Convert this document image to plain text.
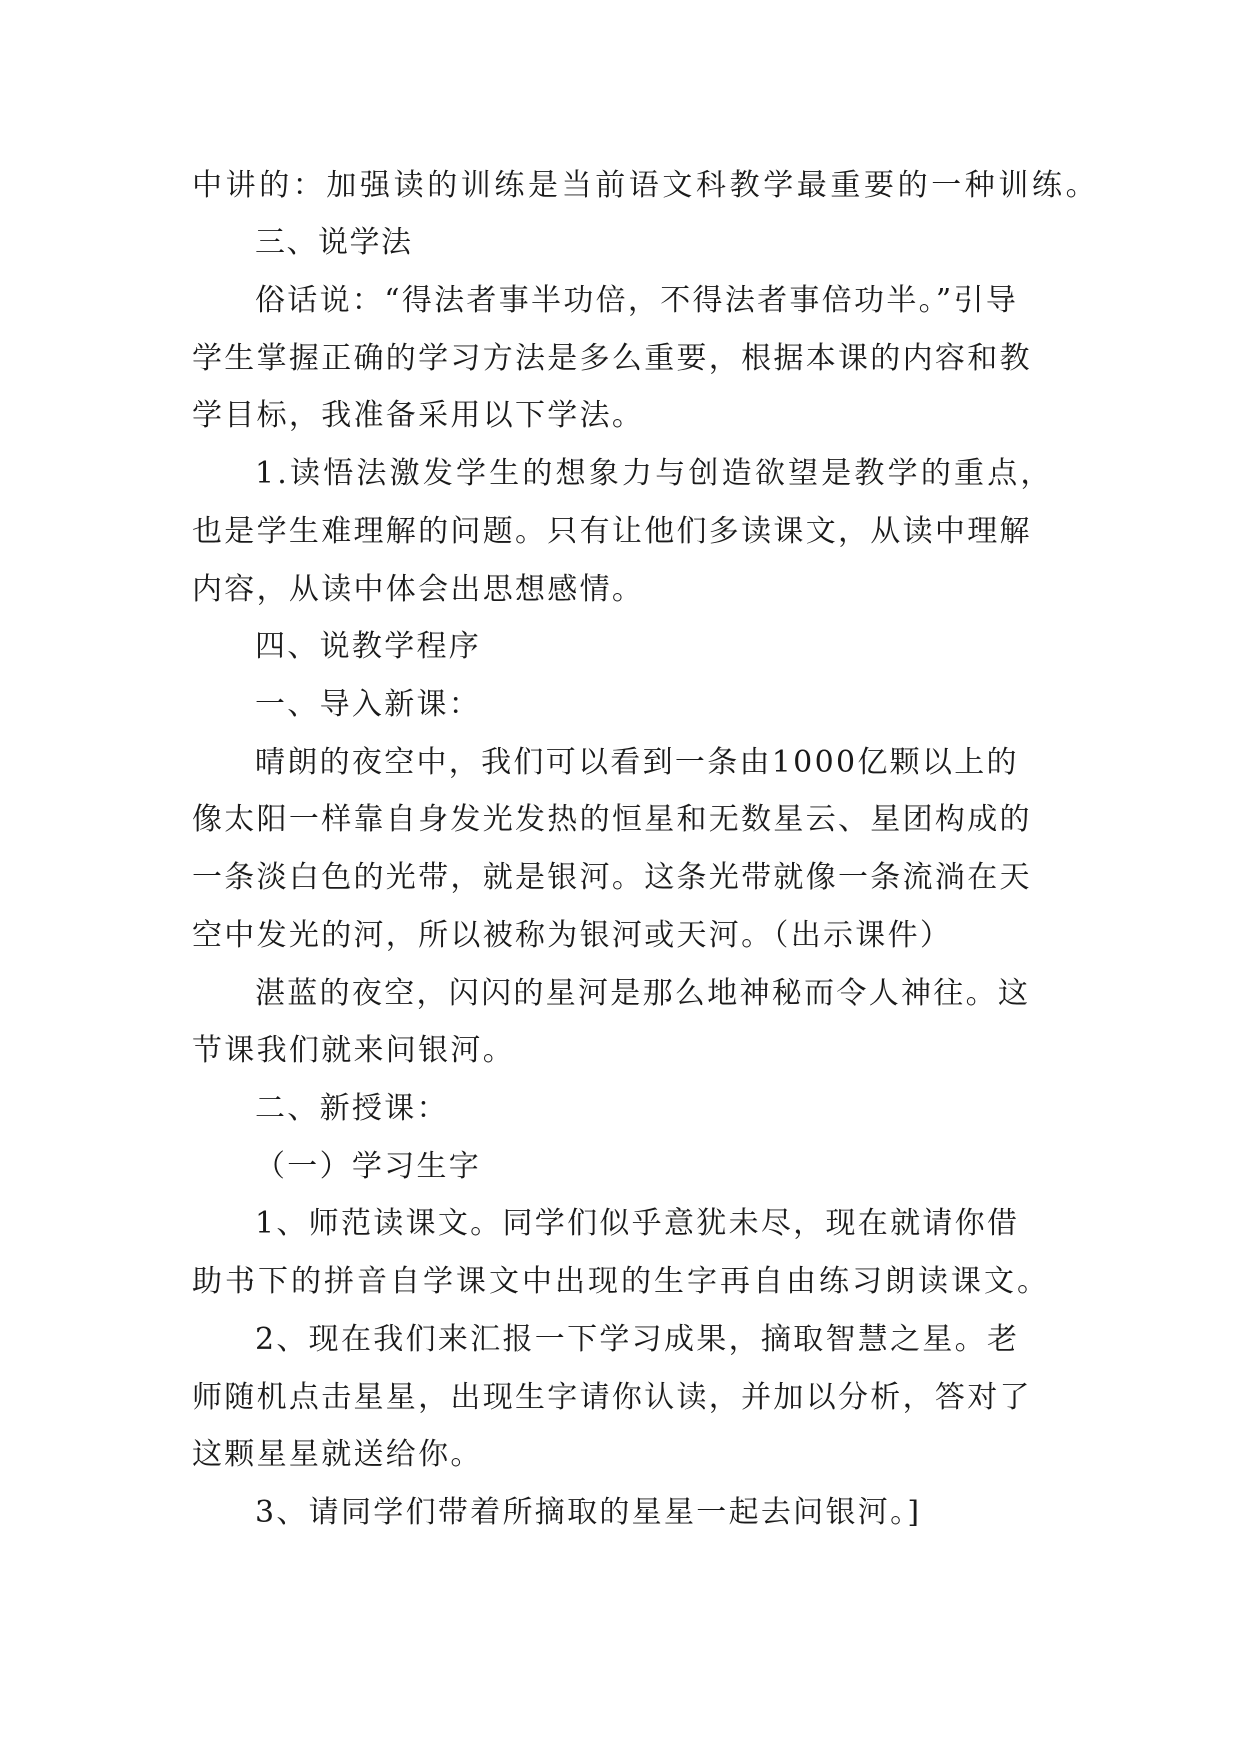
中讲的：加强读的训练是当前语文科教学最重要的一种训练。
三、说学法
俗话说：“得法者事半功倍，不得法者事倍功半。”引导
学生掌握正确的学习方法是多么重要，根据本课的内容和教
学目标，我准备采用以下学法。
1.读悟法激发学生的想象力与创造欲望是教学的重点，
也是学生难理解的问题。只有让他们多读课文，从读中理解
内容，从读中体会出思想感情。
四、说教学程序
一、导入新课：
晴朗的夜空中，我们可以看到一条由1000亿颗以上的
像太阳一样靠自身发光发热的恒星和无数星云、星团构成的
一条淡白色的光带，就是银河。这条光带就像一条流淌在天
空中发光的河，所以被称为银河或天河。（出示课件）
湛蓝的夜空，闪闪的星河是那么地神秘而令人神往。这
节课我们就来问银河。
二、新授课：
（一）学习生字
1、师范读课文。同学们似乎意犹未尽，现在就请你借
助书下的拼音自学课文中出现的生字再自由练习朗读课文。
2、现在我们来汇报一下学习成果，摘取智慧之星。老
师随机点击星星，出现生字请你认读，并加以分析，答对了
这颗星星就送给你。
3、请同学们带着所摘取的星星一起去问银河。]
